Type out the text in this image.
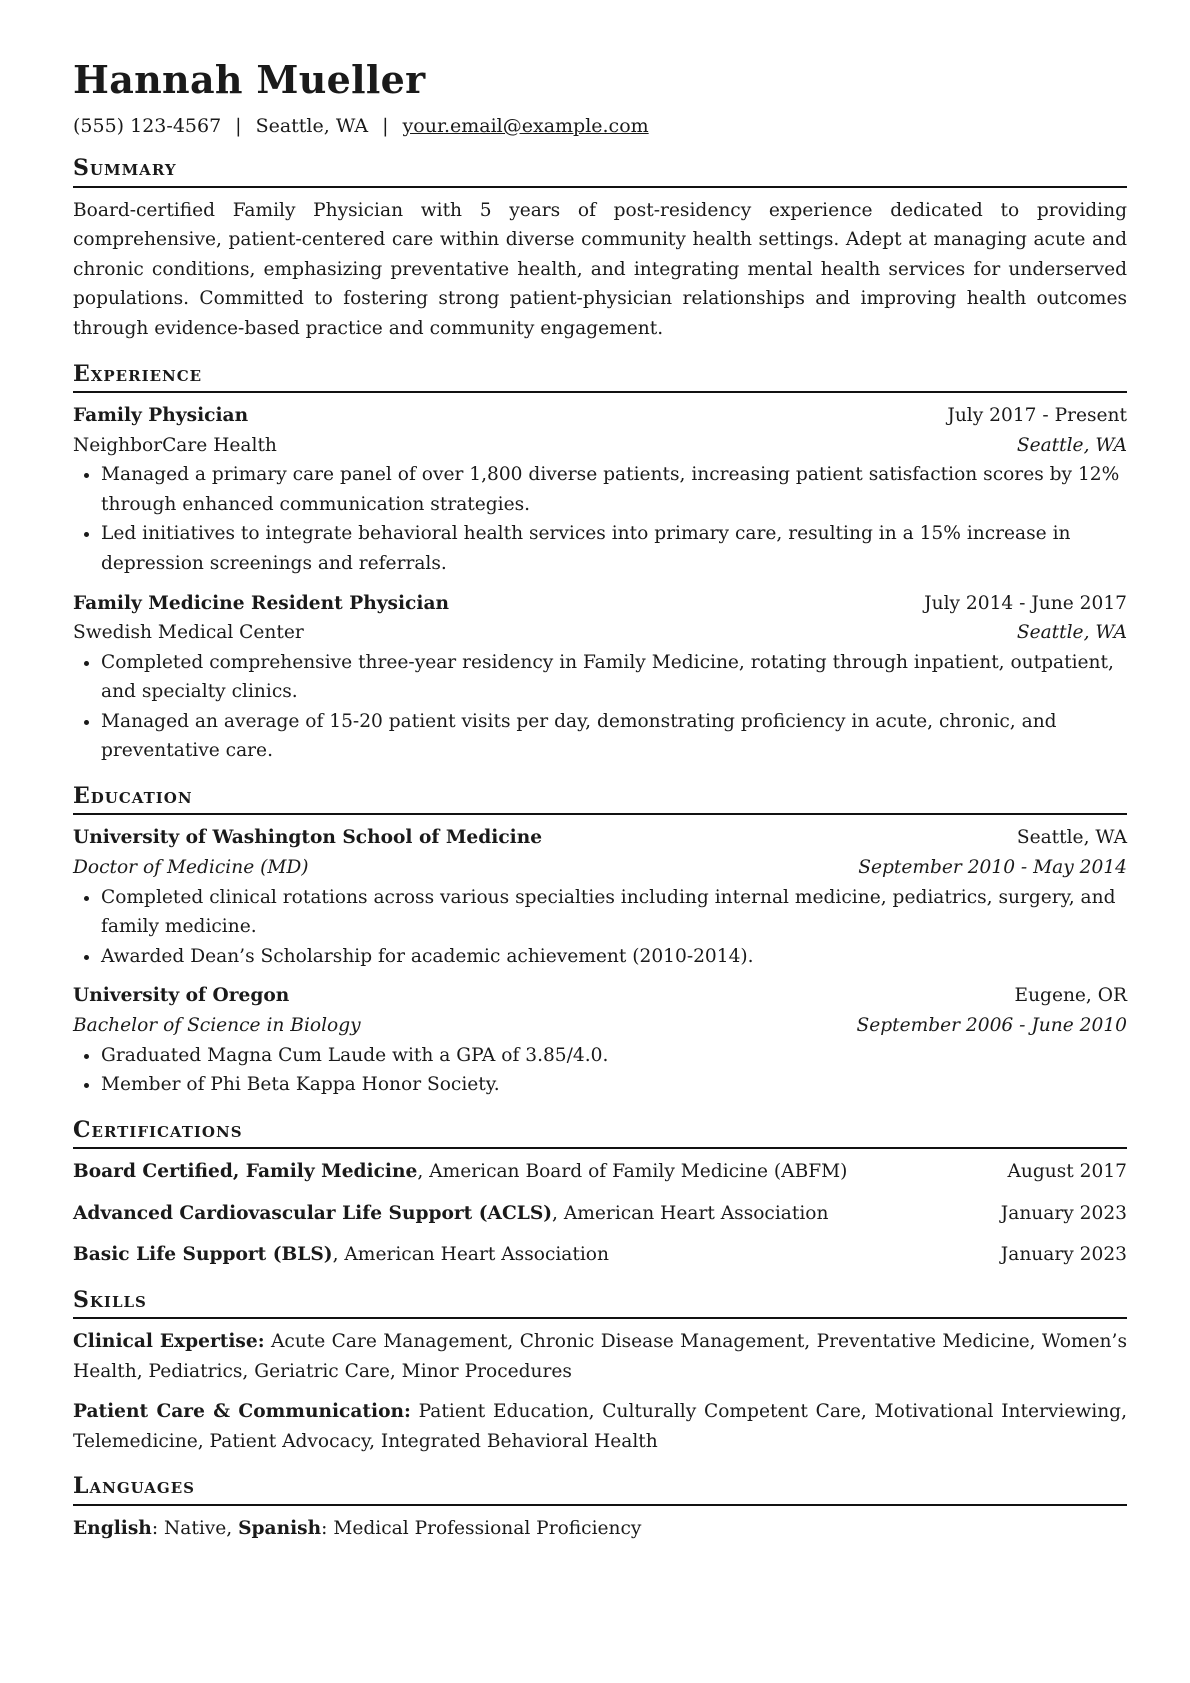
Hannah Mueller
(555) 123-4567 | Seattle, WA | your.email@example.com
Summary

Board-certified Family Physician with 5 years of post-residency experience dedicated to providing comprehensive, patient-centered care within diverse community health settings. Adept at managing acute and chronic conditions, emphasizing preventative health, and integrating mental health services for underserved populations. Committed to fostering strong patient-physician relationships and improving health outcomes through evidence-based practice and community engagement.

Experience
Family Physician	July 2017 - Present
NeighborCare Health	Seattle, WA
• Managed a primary care panel of over 1,800 diverse patients, increasing patient satisfaction scores by 12% through enhanced communication strategies.
• Led initiatives to integrate behavioral health services into primary care, resulting in a 15% increase in depression screenings and referrals.
Family Medicine Resident Physician	July 2014 - June 2017
Swedish Medical Center	Seattle, WA
• Completed comprehensive three-year residency in Family Medicine, rotating through inpatient, outpatient, and specialty clinics.
• Managed an average of 15-20 patient visits per day, demonstrating proficiency in acute, chronic, and preventative care.
Education
University of Washington School of Medicine	Seattle, WA
Doctor of Medicine (MD)	September 2010 - May 2014
• Completed clinical rotations across various specialties including internal medicine, pediatrics, surgery, and family medicine.
• Awarded Dean’s Scholarship for academic achievement (2010-2014).
University of Oregon	Eugene, OR
Bachelor of Science in Biology	September 2006 - June 2010
• Graduated Magna Cum Laude with a GPA of 3.85/4.0.
• Member of Phi Beta Kappa Honor Society.
Certifications
Board Certified, Family Medicine, American Board of Family Medicine (ABFM)	August 2017
Advanced Cardiovascular Life Support (ACLS), American Heart Association	January 2023
Basic Life Support (BLS), American Heart Association	January 2023
Skills
Clinical Expertise: Acute Care Management, Chronic Disease Management, Preventative Medicine, Women’s Health, Pediatrics, Geriatric Care, Minor Procedures
Patient Care & Communication: Patient Education, Culturally Competent Care, Motivational Interviewing, Telemedicine, Patient Advocacy, Integrated Behavioral Health
Languages
English: Native, Spanish: Medical Professional Proficiency
